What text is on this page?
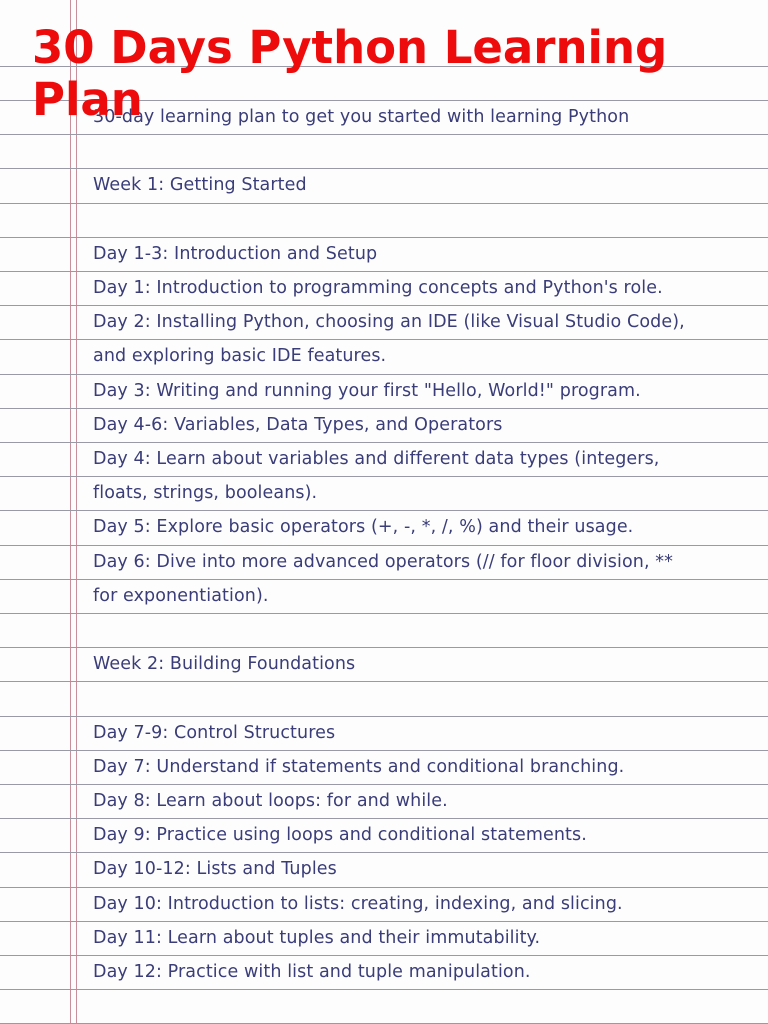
30-day learning plan to get you started with learning Python
Week 1: Getting Started
Day 1-3: Introduction and Setup
Day 1: Introduction to programming concepts and Python's role.
Day 2: Installing Python, choosing an IDE (like Visual Studio Code),
and exploring basic IDE features.
Day 3: Writing and running your first "Hello, World!" program.
Day 4-6: Variables, Data Types, and Operators
Day 4: Learn about variables and different data types (integers,
floats, strings, booleans).
Day 5: Explore basic operators (+, -, *, /, %) and their usage.
Day 6: Dive into more advanced operators (// for floor division, **
for exponentiation).
Week 2: Building Foundations
Day 7-9: Control Structures
Day 7: Understand if statements and conditional branching.
Day 8: Learn about loops: for and while.
Day 9: Practice using loops and conditional statements.
Day 10-12: Lists and Tuples
Day 10: Introduction to lists: creating, indexing, and slicing.
Day 11: Learn about tuples and their immutability.
Day 12: Practice with list and tuple manipulation.
30 Days Python Learning Plan
